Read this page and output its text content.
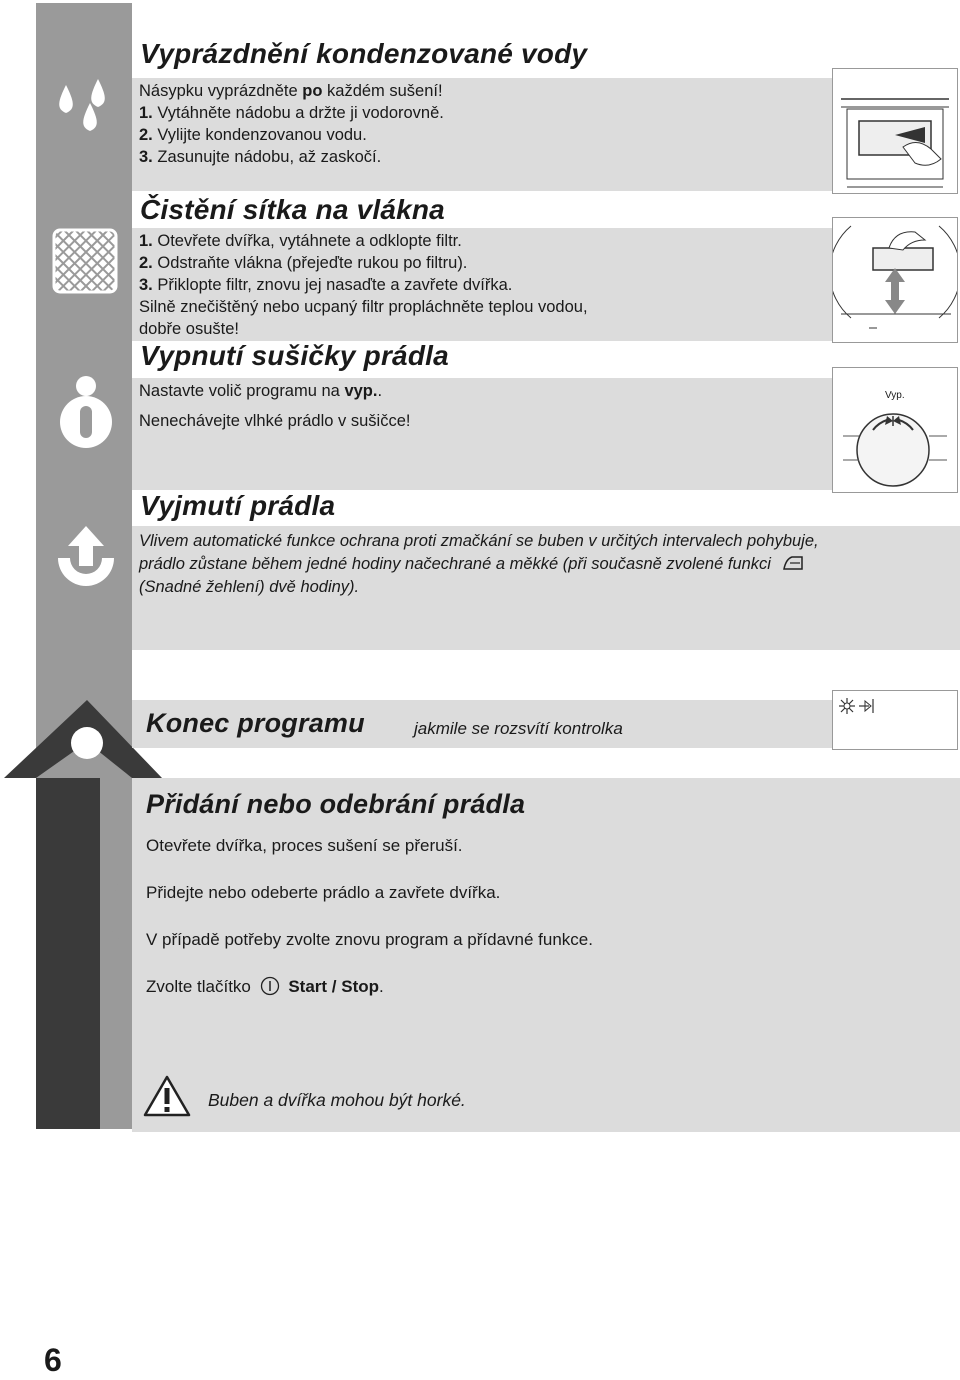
Vyprázdnění kondenzované vody
Násypku vyprázdněte po každém sušení!
1. Vytáhněte nádobu a držte ji vodorovně.
2. Vylijte kondenzovanou vodu.
3. Zasunujte nádobu, až zaskočí.
Čistění sítka na vlákna
1. Otevřete dvířka, vytáhnete a odklopte filtr.
2. Odstraňte vlákna (přejeďte rukou po filtru).
3. Přiklopte filtr, znovu jej nasaďte a zavřete dvířka.
Silně znečištěný nebo ucpaný filtr propláchněte teplou vodou,
dobře osušte!
Vypnutí sušičky prádla
Nastavte volič programu na vyp..
Nenechávejte vlhké prádlo v sušičce!
Vyp.
Vyjmutí prádla
Vlivem automatické funkce ochrana proti zmačkání se buben v určitých intervalech pohybuje,
prádlo zůstane během jedné hodiny načechrané a měkké (při současně zvolené funkci
(Snadné žehlení) dvě hodiny).
Konec programu	jakmile se rozsvítí kontrolka
Přidání nebo odebrání prádla
1. Otevřete dvířka, proces sušení se přeruší.
2. Přidejte nebo odeberte prádlo a zavřete dvířka.
3. V případě potřeby zvolte znovu program a přídavné funkce.
4. Zvolte tlačítko Start / Stop.
Buben a dvířka mohou být horké.
6
